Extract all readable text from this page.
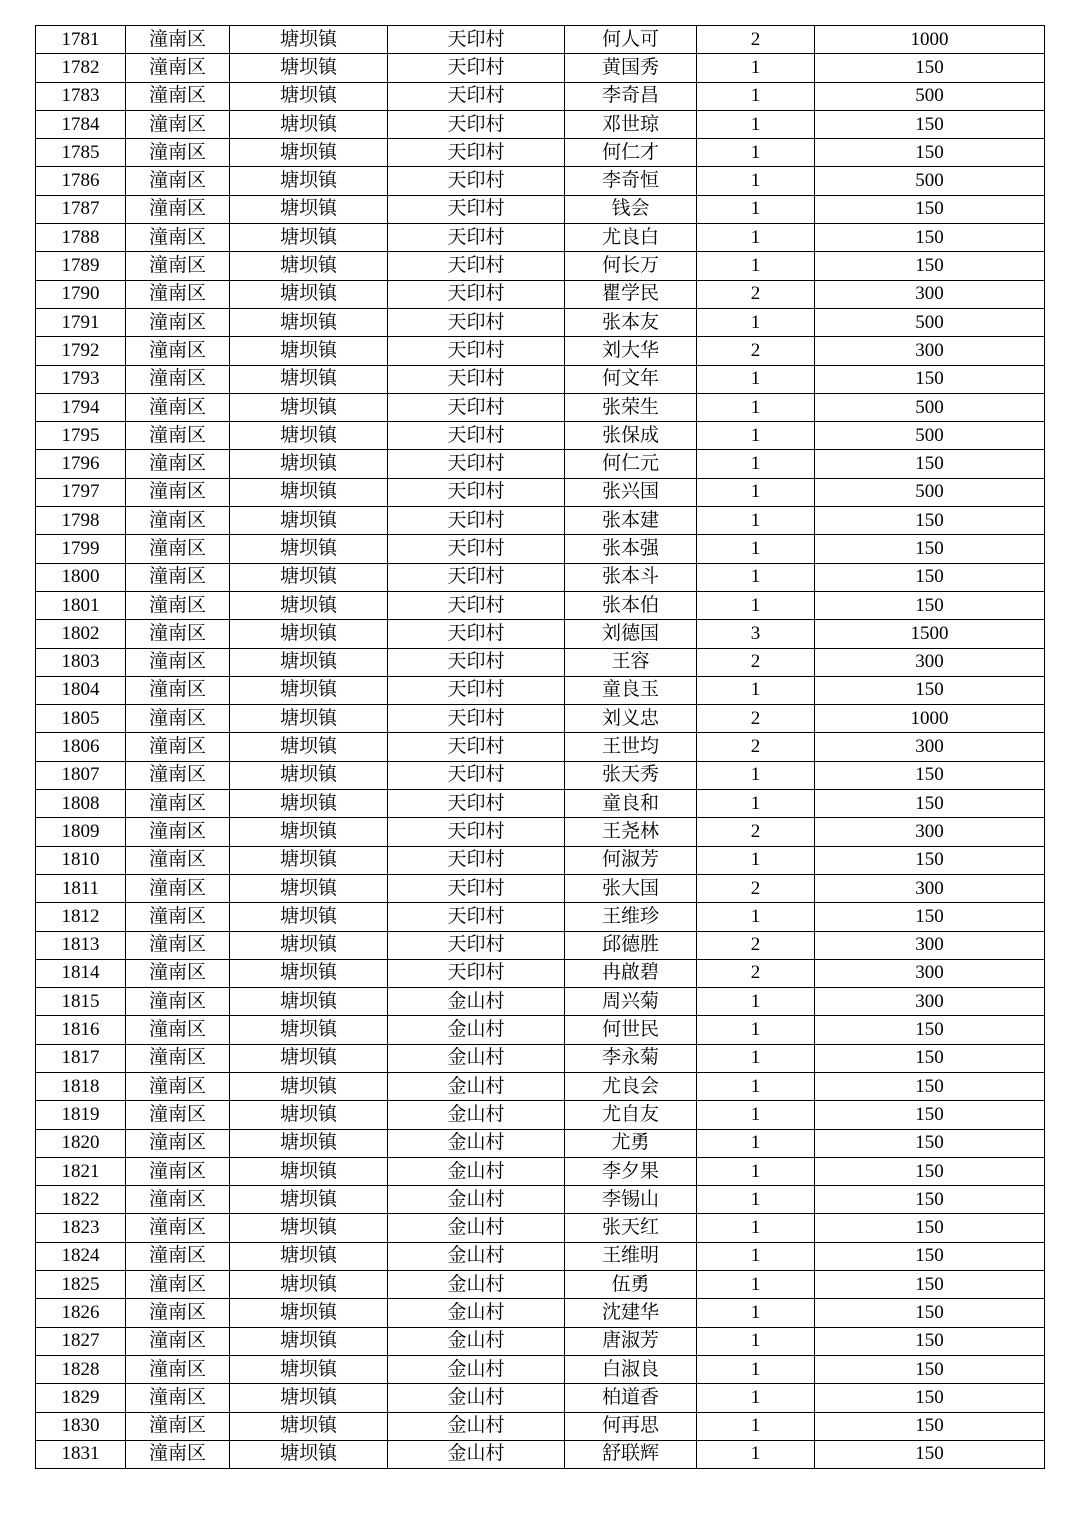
1781	潼南区	塘坝镇	天印村	何人可	2	1000
1782	潼南区	塘坝镇	天印村	黄国秀	1	150
1783	潼南区	塘坝镇	天印村	李奇昌	1	500
1784	潼南区	塘坝镇	天印村	邓世琼	1	150
1785	潼南区	塘坝镇	天印村	何仁才	1	150
1786	潼南区	塘坝镇	天印村	李奇恒	1	500
1787	潼南区	塘坝镇	天印村	钱会	1	150
1788	潼南区	塘坝镇	天印村	尤良白	1	150
1789	潼南区	塘坝镇	天印村	何长万	1	150
1790	潼南区	塘坝镇	天印村	瞿学民	2	300
1791	潼南区	塘坝镇	天印村	张本友	1	500
1792	潼南区	塘坝镇	天印村	刘大华	2	300
1793	潼南区	塘坝镇	天印村	何文年	1	150
1794	潼南区	塘坝镇	天印村	张荣生	1	500
1795	潼南区	塘坝镇	天印村	张保成	1	500
1796	潼南区	塘坝镇	天印村	何仁元	1	150
1797	潼南区	塘坝镇	天印村	张兴国	1	500
1798	潼南区	塘坝镇	天印村	张本建	1	150
1799	潼南区	塘坝镇	天印村	张本强	1	150
1800	潼南区	塘坝镇	天印村	张本斗	1	150
1801	潼南区	塘坝镇	天印村	张本伯	1	150
1802	潼南区	塘坝镇	天印村	刘德国	3	1500
1803	潼南区	塘坝镇	天印村	王容	2	300
1804	潼南区	塘坝镇	天印村	童良玉	1	150
1805	潼南区	塘坝镇	天印村	刘义忠	2	1000
1806	潼南区	塘坝镇	天印村	王世均	2	300
1807	潼南区	塘坝镇	天印村	张天秀	1	150
1808	潼南区	塘坝镇	天印村	童良和	1	150
1809	潼南区	塘坝镇	天印村	王尧林	2	300
1810	潼南区	塘坝镇	天印村	何淑芳	1	150
1811	潼南区	塘坝镇	天印村	张大国	2	300
1812	潼南区	塘坝镇	天印村	王维珍	1	150
1813	潼南区	塘坝镇	天印村	邱德胜	2	300
1814	潼南区	塘坝镇	天印村	冉啟碧	2	300
1815	潼南区	塘坝镇	金山村	周兴菊	1	300
1816	潼南区	塘坝镇	金山村	何世民	1	150
1817	潼南区	塘坝镇	金山村	李永菊	1	150
1818	潼南区	塘坝镇	金山村	尤良会	1	150
1819	潼南区	塘坝镇	金山村	尤自友	1	150
1820	潼南区	塘坝镇	金山村	尤勇	1	150
1821	潼南区	塘坝镇	金山村	李夕果	1	150
1822	潼南区	塘坝镇	金山村	李锡山	1	150
1823	潼南区	塘坝镇	金山村	张天红	1	150
1824	潼南区	塘坝镇	金山村	王维明	1	150
1825	潼南区	塘坝镇	金山村	伍勇	1	150
1826	潼南区	塘坝镇	金山村	沈建华	1	150
1827	潼南区	塘坝镇	金山村	唐淑芳	1	150
1828	潼南区	塘坝镇	金山村	白淑良	1	150
1829	潼南区	塘坝镇	金山村	柏道香	1	150
1830	潼南区	塘坝镇	金山村	何再思	1	150
1831	潼南区	塘坝镇	金山村	舒联辉	1	150
